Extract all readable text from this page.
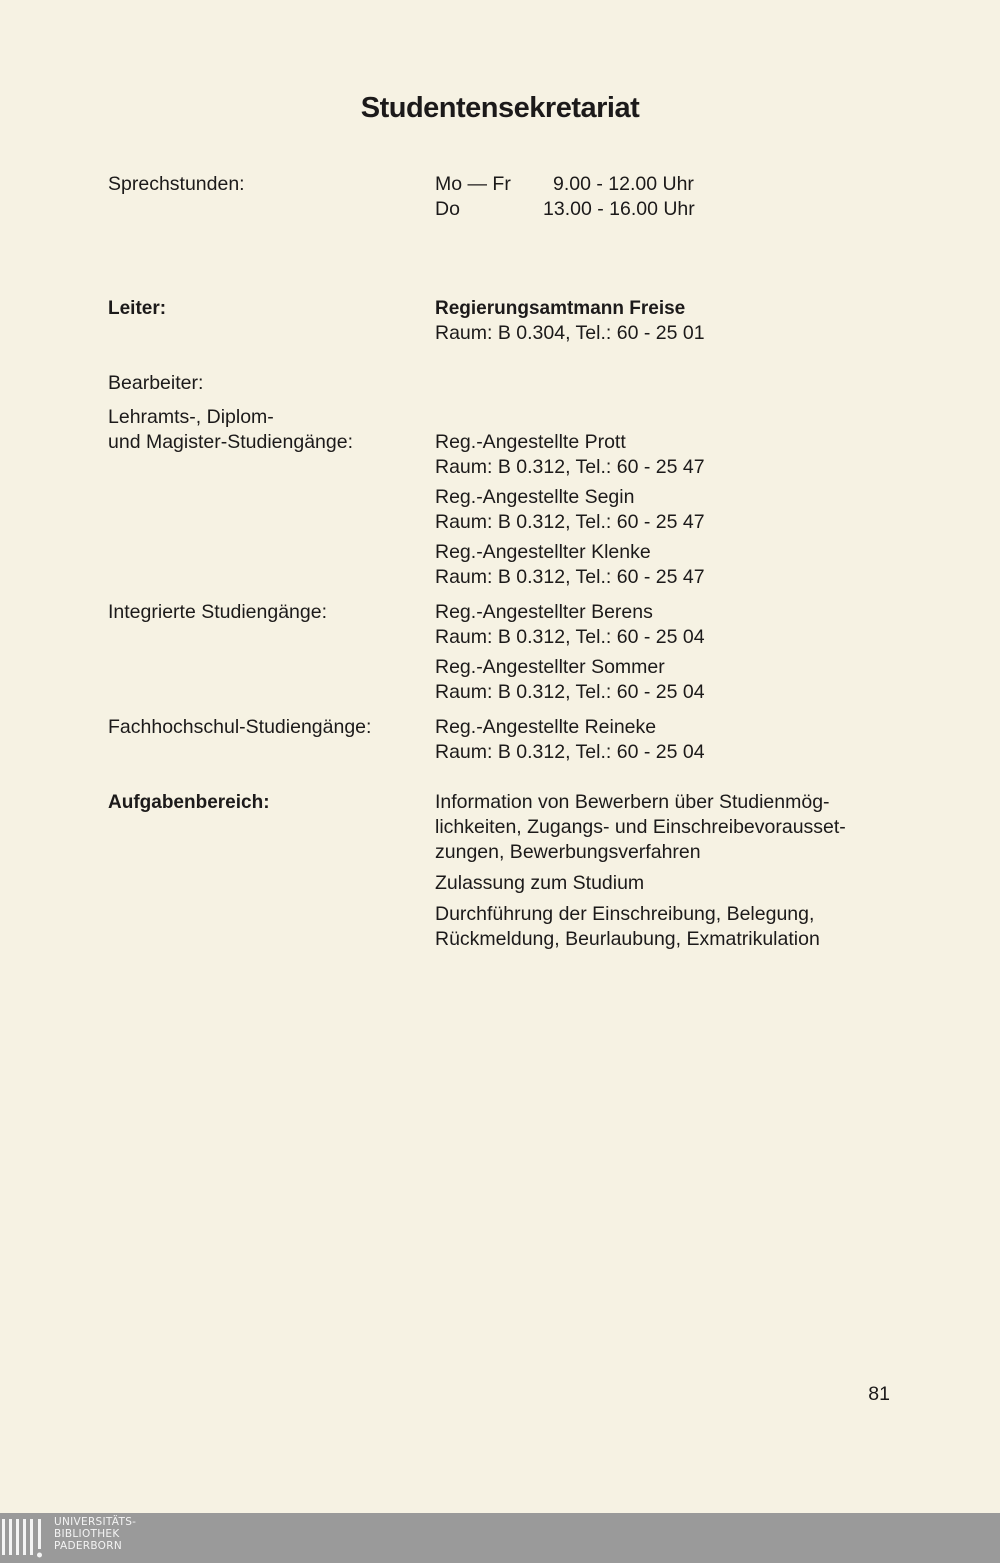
Studentensekretariat
Sprechstunden:	Mo — Fr	9.00 - 12.00 Uhr
Do	13.00 - 16.00 Uhr
Leiter:	Regierungsamtmann Freise
Raum: B 0.304, Tel.: 60 - 25 01
Bearbeiter:
Lehramts-, Diplom-
und Magister-Studiengänge:	Reg.-Angestellte Prott
Raum: B 0.312, Tel.: 60 - 25 47
Reg.-Angestellte Segin
Raum: B 0.312, Tel.: 60 - 25 47
Reg.-Angestellter Klenke
Raum: B 0.312, Tel.: 60 - 25 47
Integrierte Studiengänge:	Reg.-Angestellter Berens
Raum: B 0.312, Tel.: 60 - 25 04
Reg.-Angestellter Sommer
Raum: B 0.312, Tel.: 60 - 25 04
Fachhochschul-Studiengänge:	Reg.-Angestellte Reineke
Raum: B 0.312, Tel.: 60 - 25 04
Aufgabenbereich:	Information von Bewerbern über Studienmög-
lichkeiten, Zugangs- und Einschreibevorausset-
zungen, Bewerbungsverfahren
Zulassung zum Studium
Durchführung der Einschreibung, Belegung,
Rückmeldung, Beurlaubung, Exmatrikulation
81
UNIVERSITÄTS-
BIBLIOTHEK
PADERBORN
